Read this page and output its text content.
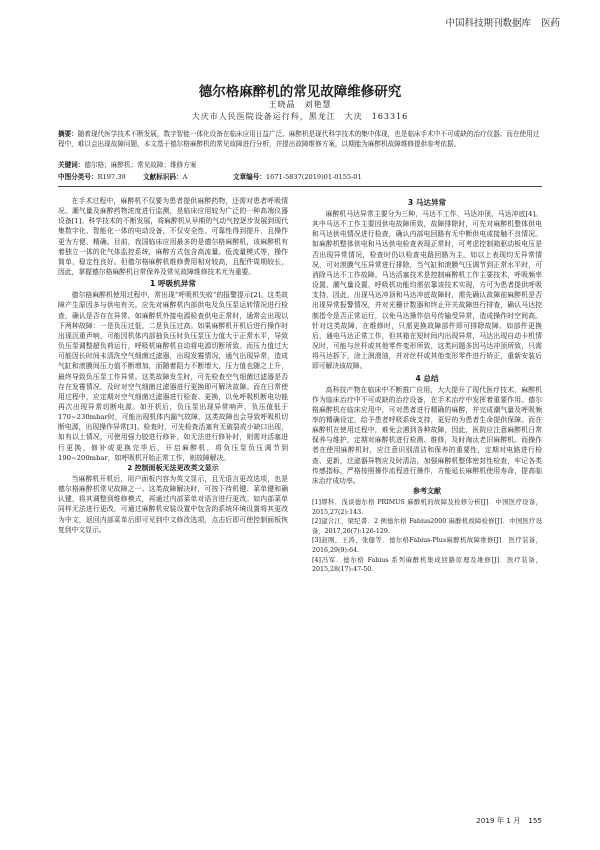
中国科技期刊数据库 医药
德尔格麻醉机的常见故障维修研究
王晓晶　刘艳慧
大庆市人民医院设备运行科，黑龙江　大庆　163316
摘要：随着现代医学技术不断发展，数字智能一体化设备在临床应用日益广泛。麻醉机是现代科学技术的集中体现，也是临床手术中不可或缺的治疗仪器。而在使用过程中，难以会出现故障问题，本文基于德尔格麻醉机的常见故障进行分析，并提出故障维修方案，以期能为麻醉机故障维修提供参考依据。
关键词：德尔格；麻醉机；常见故障；维修方案
中图分类号：R197.39	文献标识码：A	文章编号：1671-5837(2019)01-0155-01

在手术过程中，麻醉机不仅要为患者提供麻醉药物，还需对患者呼吸情况、潮气量及麻醉药物浓度进行监测，是临床应用较为广泛的一种高端仪器设备[1]。科学技术的不断发展，将麻醉机从早期的气动气控逐步发展到现代集数字化、智能化一体的电动设备，不仅安全性、可靠性得到提升，且操作更为方便、精确。目前，我国临床应用最多的是德尔格麻醉机，该麻醉机有着独立一体的化气体监控系统，麻醉方式包含高流量、低流量模式等，操作简单，稳定性良好。但德尔格麻醉机维修费用相对较高，且配件周期较长，因此，掌握德尔格麻醉机日常保养及常见故障维修技术尤为重要。

1 呼吸机异常

德尔格麻醉机使用过程中，常出现“呼吸机失败”的报警提示[2]。这类故障产生原因多与供电有关。应先对麻醉机内部供电及负压泵运转情况进行检查，确认是否存在异常。如麻醉机外接电源检查供电正常时，通常会出现以下两种故障：一是负压过低，二是负压过高。如果麻醉机开机后进行操作时出现沉重声响，可能因机体内部抽负压时负压泵压力值大于正常水平，导致负压泵调整超负荷运行，呼吸机麻醉机自动将电源切断所致。而压力值过大可能因长时间未清洗空气细菌过滤器，出现发霉情况，通气出现异常，造成气缸和滚膜间压力值不断增加，而随着阻力不断增大，压力值也随之上升，最终导致负压泵工作异常。这类故障发生时，可先检查空气细菌过滤器是否存在发霉情况，及时对空气细菌过滤器进行更换即可解决故障。而在日常使用过程中，应定期对空气细菌过滤器进行检查、更换，以免呼吸机断电功能再次出现异常切断电源。如开机后，负压泵出现异常响声，负压值低于170~230mbar时，可能出现机体内漏气故障，这类故障也会导致呼吸机切断电源，出现操作异常[3]。检查时，可先检查活塞有无破裂或小缺口出现，如有以上情况，可使用强力胶进行修补，如无法进行修补时，则需对活塞进行更换，修补或更换完毕后，开启麻醉机，将负压泵负压调节到190~200mbar，如呼吸机开始正常工作，则故障解决。

2 控制面板无法更改英文显示

当麻醉机开机后，用户面板内容为英文显示，且无语言更改选项，也是德尔格麻醉机常见故障之一。这类故障解决时，可按下待机键、菜单键和确认键，将其调整到维修模式，再通过内部菜单对语言进行更改。如内部菜单同样无法进行更改，可通过麻醉机安装设置中包含的系统环境设置将其更改为中文，返回内部菜单后即可见到中文修改选项，点击后即可使控制面板恢复到中文显示。

3 马达异常

麻醉机马达异常主要分为三种，马达不工作、马达冲顶、马达冲底[4]。其中马达不工作主要因供电故障所致，故障排除时，可先对麻醉机整体供电和马达供电情况进行检查，确认内部电回路有无中断供电或接触不良情况。如麻醉机整体供电和马达供电检查表现正常时，可考虑控制箱驱动板电压是否出现异常情况，检查时仍以检查电路回路为主。如以上表现均无异常情况，可对滚膜气压异常进行排除，当气缸和滚膜气压调节到正常水平时，可消除马达不工作故障。马达活塞技术是控制麻醉机工作主要技术，呼吸频率设置、潮气量设置、呼吸机功能均需依靠该技术实现，方可为患者提供呼吸支持，因此，出现马达冲顶和马达冲底故障时，需先确认故障前麻醉机是否出现异常报警情况，并对光栅计数器和终止开关故障进行排查，确认马达控制指令是否正常运行，以免马达操作信号传输受异常，造成操作时空间高。针对这类故障，在维修时，只需更换故障部件即可排除故障。如部件更换后，通电马达正常工作，但其箱在短时间内出现异常，马达出现自动卡机情况时，可能与丝杆或其他零件变形所致，这类问题多因马达冲顶所致，只需将马达拆下，涂上润滑油，并对丝杆或其他变形零件进行矫正，重新安装后即可解决该故障。

4 总结

高科技产物在临床中不断推广应用，大大提升了现代医疗技术，麻醉机作为临床治疗中不可或缺的治疗设备，在手术治疗中发挥着重要作用。德尔格麻醉机在临床应用中，可对患者进行精确的麻醉，并完成潮气量及呼吸频率的精确设定，给予患者呼吸系统支持，更好的为患者生命提供保障。而在麻醉机在使用过程中，难免会遇到各种故障，因此，医院应注意麻醉机日常保养与维护，定期对麻醉机进行检测、维修，及时淘汰老旧麻醉机。而操作者在使用麻醉机时，应注意识别清洁和保养的重要性，定期对电路进行检查、更新，过滤器异物应及时清洁，加强麻醉机整体密封性检查，牢记各类传感指标，严格按照操作流程进行操作，方能延长麻醉机使用寿命，提高临床治疗成功率。

参考文献
[1]缪科．浅谈德尔格 PRIMUS 麻醉机的故障及检修分析[J]．中国医疗设备，2015,27(2):143.
[2]建合江，梁纪書．2 例德尔格 Fabius2000 麻醉机故障检修[J]．中国医疗设备，2017,26(7):126-129.
[3]赵刚，王涛，张健等．德尔格Fabius-Plus麻醉机故障维修[J]．医疗装备，2016,29(9):64.
[4]冯军．德尔格 Fabius 系列麻醉机集成回路原理及维修[J]．医疗装备，2015,28(17):47-50.
2019 年 1 月 155
